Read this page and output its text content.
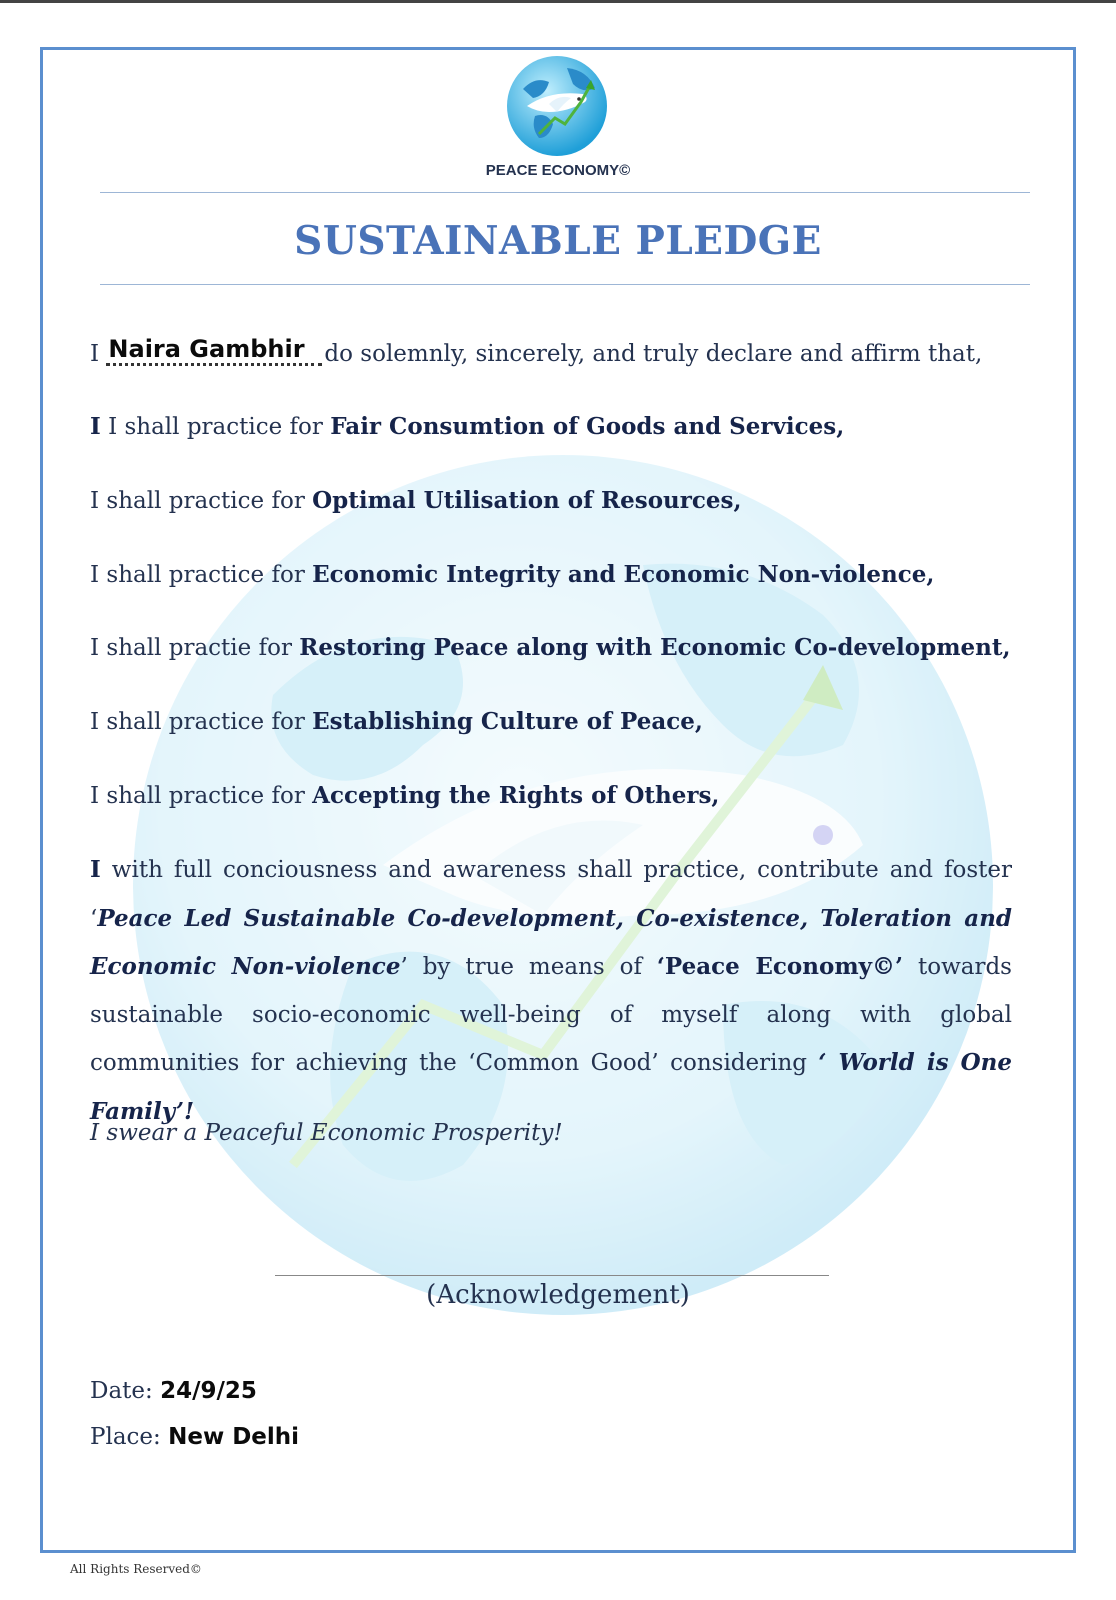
PEACE ECONOMY©
SUSTAINABLE PLEDGE
I Naira Gambhir do solemnly, sincerely, and truly declare and affirm that,
I I shall practice for Fair Consumtion of Goods and Services,
I shall practice for Optimal Utilisation of Resources,
I shall practice for Economic Integrity and Economic Non-violence,
I shall practie for Restoring Peace along with Economic Co-development,
I shall practice for Establishing Culture of Peace,
I shall practice for Accepting the Rights of Others,
I with full conciousness and awareness shall practice, contribute and foster ‘Peace Led Sustainable Co-development, Co-existence, Toleration and Economic Non-violence’ by true means of ‘Peace Economy©’ towards sustainable socio-economic well-being of myself along with global communities for achieving the ‘Common Good’ considering ‘ World is One Family’!
I swear a Peaceful Economic Prosperity!
(Acknowledgement)
Date: 24/9/25
Place: New Delhi
All Rights Reserved©
